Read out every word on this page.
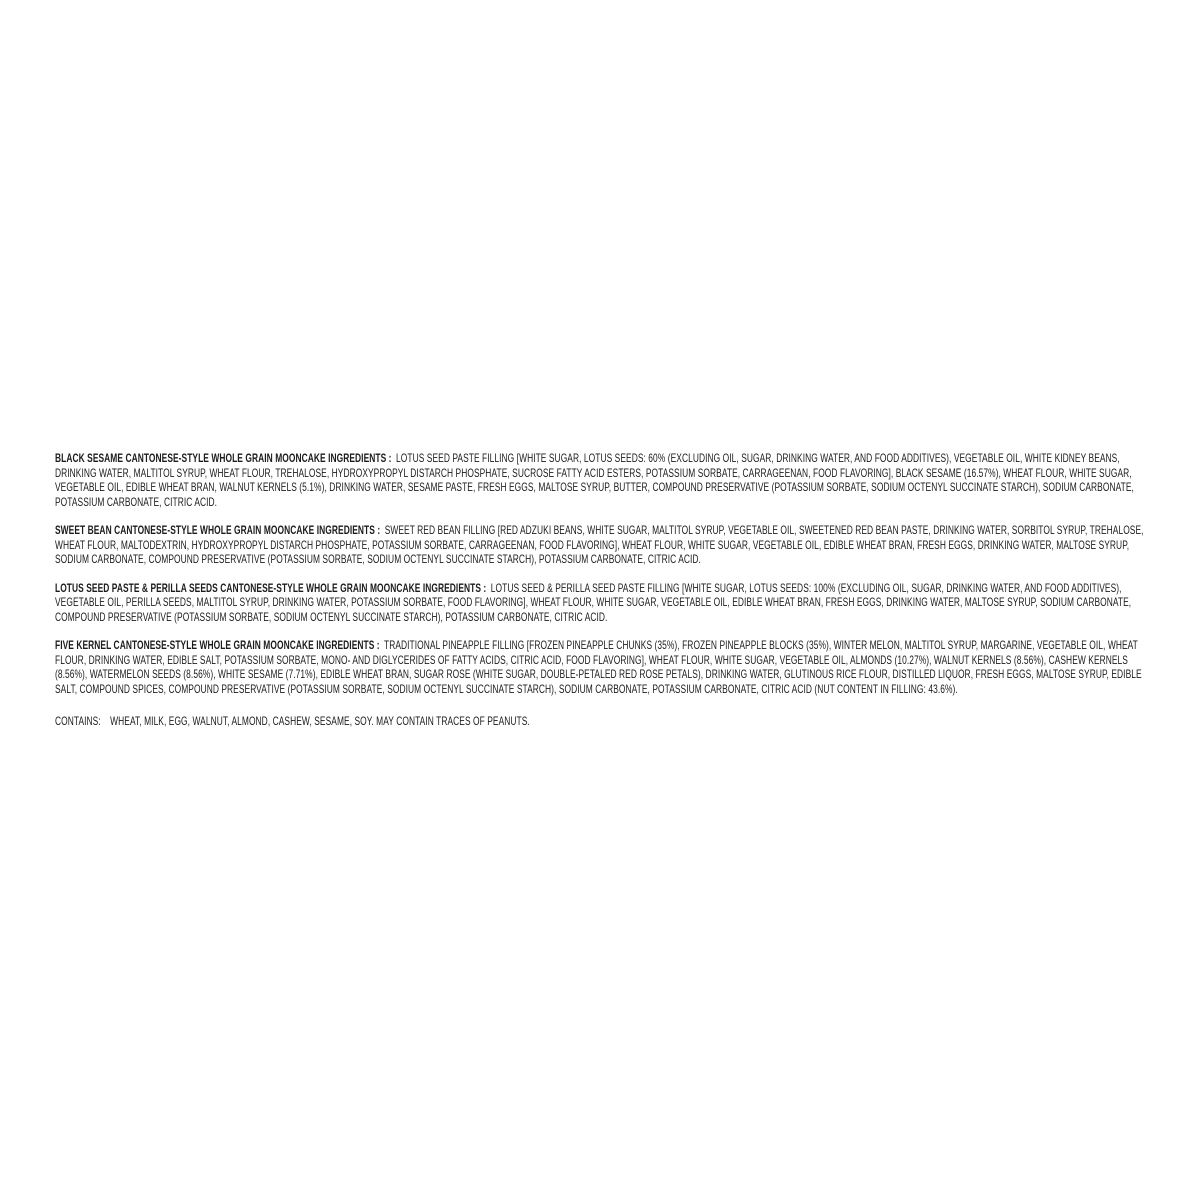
BLACK SESAME CANTONESE-STYLE WHOLE GRAIN MOONCAKE INGREDIENTS : LOTUS SEED PASTE FILLING [WHITE SUGAR, LOTUS SEEDS: 60% (EXCLUDING OIL, SUGAR, DRINKING WATER, AND FOOD ADDITIVES), VEGETABLE OIL, WHITE KIDNEY BEANS, DRINKING WATER, MALTITOL SYRUP, WHEAT FLOUR, TREHALOSE, HYDROXYPROPYL DISTARCH PHOSPHATE, SUCROSE FATTY ACID ESTERS, POTASSIUM SORBATE, CARRAGEENAN, FOOD FLAVORING], BLACK SESAME (16.57%), WHEAT FLOUR, WHITE SUGAR, VEGETABLE OIL, EDIBLE WHEAT BRAN, WALNUT KERNELS (5.1%), DRINKING WATER, SESAME PASTE, FRESH EGGS, MALTOSE SYRUP, BUTTER, COMPOUND PRESERVATIVE (POTASSIUM SORBATE, SODIUM OCTENYL SUCCINATE STARCH), SODIUM CARBONATE, POTASSIUM CARBONATE, CITRIC ACID.

SWEET BEAN CANTONESE-STYLE WHOLE GRAIN MOONCAKE INGREDIENTS : SWEET RED BEAN FILLING [RED ADZUKI BEANS, WHITE SUGAR, MALTITOL SYRUP, VEGETABLE OIL, SWEETENED RED BEAN PASTE, DRINKING WATER, SORBITOL SYRUP, TREHALOSE, WHEAT FLOUR, MALTODEXTRIN, HYDROXYPROPYL DISTARCH PHOSPHATE, POTASSIUM SORBATE, CARRAGEENAN, FOOD FLAVORING], WHEAT FLOUR, WHITE SUGAR, VEGETABLE OIL, EDIBLE WHEAT BRAN, FRESH EGGS, DRINKING WATER, MALTOSE SYRUP, SODIUM CARBONATE, COMPOUND PRESERVATIVE (POTASSIUM SORBATE, SODIUM OCTENYL SUCCINATE STARCH), POTASSIUM CARBONATE, CITRIC ACID.

LOTUS SEED PASTE & PERILLA SEEDS CANTONESE-STYLE WHOLE GRAIN MOONCAKE INGREDIENTS : LOTUS SEED & PERILLA SEED PASTE FILLING [WHITE SUGAR, LOTUS SEEDS: 100% (EXCLUDING OIL, SUGAR, DRINKING WATER, AND FOOD ADDITIVES), VEGETABLE OIL, PERILLA SEEDS, MALTITOL SYRUP, DRINKING WATER, POTASSIUM SORBATE, FOOD FLAVORING], WHEAT FLOUR, WHITE SUGAR, VEGETABLE OIL, EDIBLE WHEAT BRAN, FRESH EGGS, DRINKING WATER, MALTOSE SYRUP, SODIUM CARBONATE, COMPOUND PRESERVATIVE (POTASSIUM SORBATE, SODIUM OCTENYL SUCCINATE STARCH), POTASSIUM CARBONATE, CITRIC ACID.

FIVE KERNEL CANTONESE-STYLE WHOLE GRAIN MOONCAKE INGREDIENTS : TRADITIONAL PINEAPPLE FILLING [FROZEN PINEAPPLE CHUNKS (35%), FROZEN PINEAPPLE BLOCKS (35%), WINTER MELON, MALTITOL SYRUP, MARGARINE, VEGETABLE OIL, WHEAT FLOUR, DRINKING WATER, EDIBLE SALT, POTASSIUM SORBATE, MONO- AND DIGLYCERIDES OF FATTY ACIDS, CITRIC ACID, FOOD FLAVORING], WHEAT FLOUR, WHITE SUGAR, VEGETABLE OIL, ALMONDS (10.27%), WALNUT KERNELS (8.56%), CASHEW KERNELS (8.56%), WATERMELON SEEDS (8.56%), WHITE SESAME (7.71%), EDIBLE WHEAT BRAN, SUGAR ROSE (WHITE SUGAR, DOUBLE-PETALED RED ROSE PETALS), DRINKING WATER, GLUTINOUS RICE FLOUR, DISTILLED LIQUOR, FRESH EGGS, MALTOSE SYRUP, EDIBLE SALT, COMPOUND SPICES, COMPOUND PRESERVATIVE (POTASSIUM SORBATE, SODIUM OCTENYL SUCCINATE STARCH), SODIUM CARBONATE, POTASSIUM CARBONATE, CITRIC ACID (NUT CONTENT IN FILLING: 43.6%).

CONTAINS: WHEAT, MILK, EGG, WALNUT, ALMOND, CASHEW, SESAME, SOY. MAY CONTAIN TRACES OF PEANUTS.
